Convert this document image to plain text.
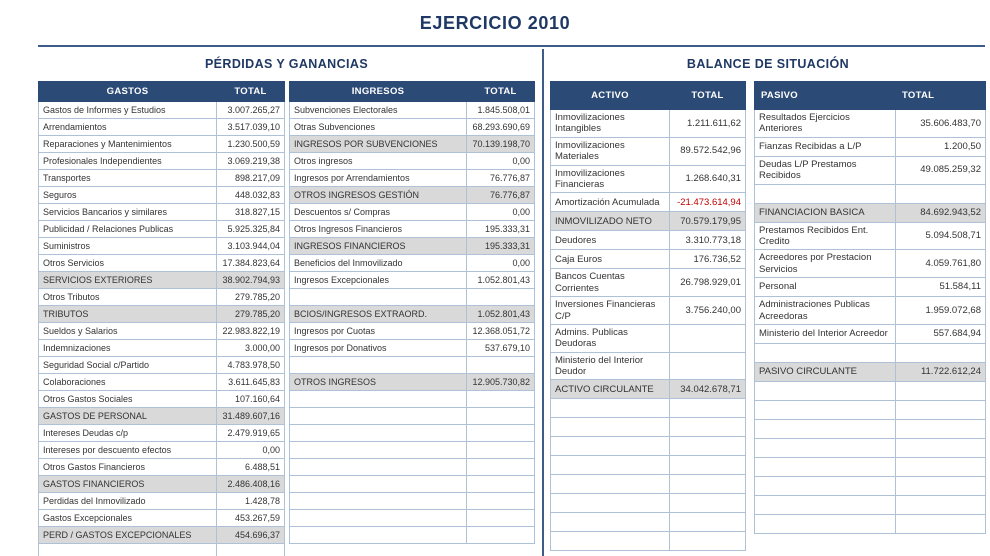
EJERCICIO 2010
PÉRDIDAS Y GANANCIAS
GASTOS	TOTAL
Gastos de Informes y Estudios	3.007.265,27
Arrendamientos	3.517.039,10
Reparaciones y Mantenimientos	1.230.500,59
Profesionales Independientes	3.069.219,38
Transportes	898.217,09
Seguros	448.032,83
Servicios Bancarios y similares	318.827,15
Publicidad / Relaciones Publicas	5.925.325,84
Suministros	3.103.944,04
Otros Servicios	17.384.823,64
SERVICIOS EXTERIORES	38.902.794,93
Otros Tributos	279.785,20
TRIBUTOS	279.785,20
Sueldos y Salarios	22.983.822,19
Indemnizaciones	3.000,00
Seguridad Social c/Partido	4.783.978,50
Colaboraciones	3.611.645,83
Otros Gastos Sociales	107.160,64
GASTOS DE PERSONAL	31.489.607,16
Intereses Deudas c/p	2.479.919,65
Intereses por descuento efectos	0,00
Otros Gastos Financieros	6.488,51
GASTOS FINANCIEROS	2.486.408,16
Perdidas del Inmovilizado	1.428,78
Gastos Excepcionales	453.267,59
PERD / GASTOS EXCEPCIONALES	454.696,37

INGRESOS	TOTAL
Subvenciones Electorales	1.845.508,01
Otras Subvenciones	68.293.690,69
INGRESOS POR SUBVENCIONES	70.139.198,70
Otros ingresos	0,00
Ingresos por Arrendamientos	76.776,87
OTROS INGRESOS GESTIÓN	76.776,87
Descuentos s/ Compras	0,00
Otros Ingresos Financieros	195.333,31
INGRESOS FINANCIEROS	195.333,31
Beneficios del Inmovilizado	0,00
Ingresos Excepcionales	1.052.801,43

BCIOS/INGRESOS EXTRAORD.	1.052.801,43
Ingresos por Cuotas	12.368.051,72
Ingresos por Donativos	537.679,10

OTROS INGRESOS	12.905.730,82

BALANCE DE SITUACIÓN
ACTIVO	TOTAL
Inmovilizaciones Intangibles	1.211.611,62
Inmovilizaciones Materiales	89.572.542,96
Inmovilizaciones Financieras	1.268.640,31
Amortización Acumulada	-21.473.614,94
INMOVILIZADO NETO	70.579.179,95
Deudores	3.310.773,18
Caja Euros	176.736,52
Bancos Cuentas Corrientes	26.798.929,01
Inversiones Financieras C/P	3.756.240,00
Admins. Publicas Deudoras	
Ministerio del Interior Deudor	
ACTIVO CIRCULANTE	34.042.678,71

PASIVO	TOTAL
Resultados Ejercicios Anteriores	35.606.483,70
Fianzas Recibidas a L/P	1.200,50
Deudas L/P Prestamos Recibidos	49.085.259,32

FINANCIACION BASICA	84.692.943,52
Prestamos Recibidos Ent. Credito	5.094.508,71
Acreedores por Prestacion Servicios	4.059.761,80
Personal	51.584,11
Administraciones Publicas Acreedoras	1.959.072,68
Ministerio del Interior Acreedor	557.684,94

PASIVO CIRCULANTE	11.722.612,24
